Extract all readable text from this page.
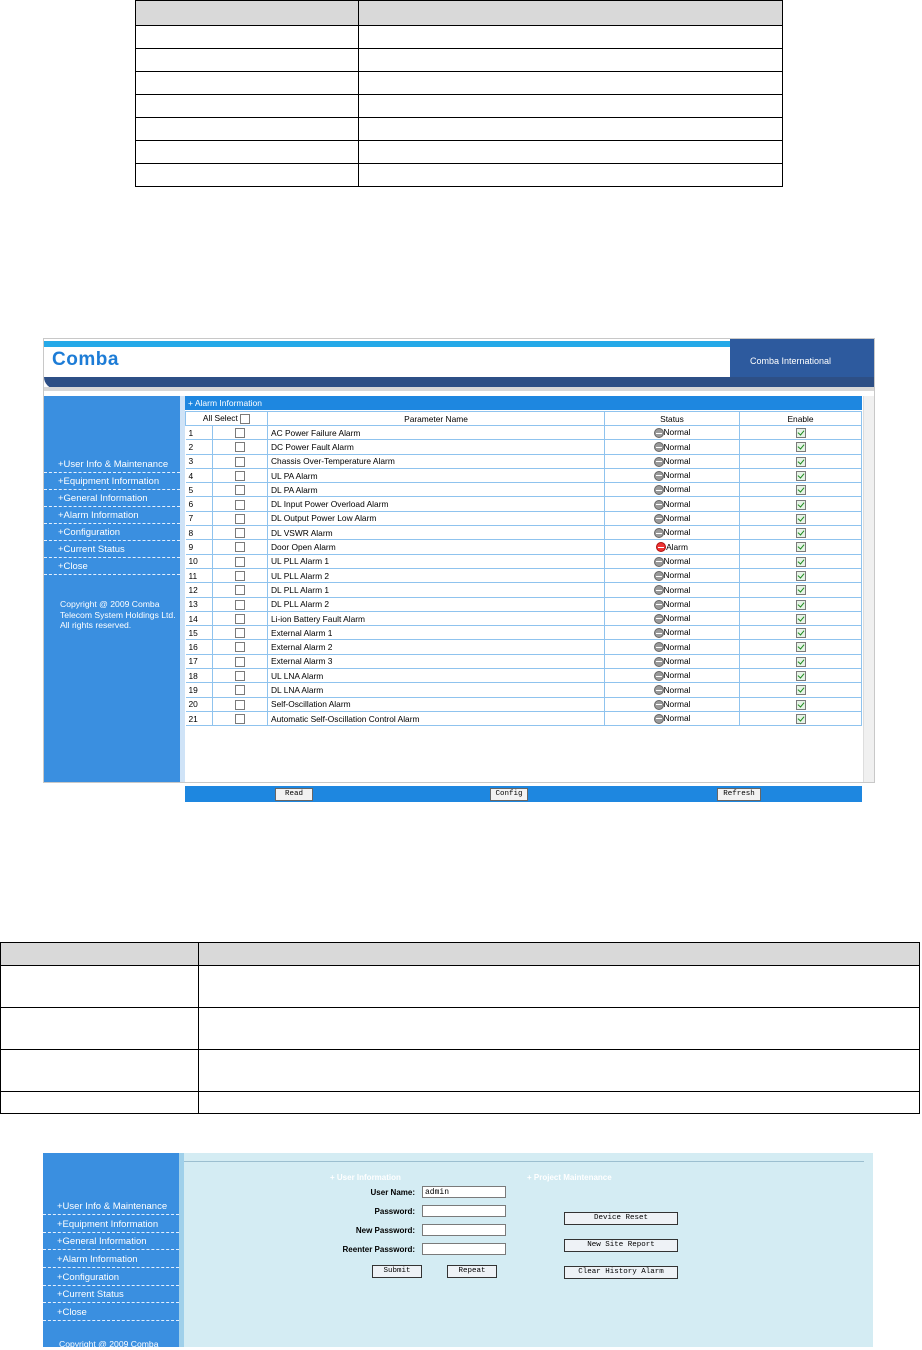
Comba	Comba International
+User Info & Maintenance
+Equipment Information
+General Information
+Alarm Information
+Configuration
+Current Status
+Close
Copyright @ 2009 Comba Telecom System Holdings Ltd. All rights reserved.
+ Alarm Information
All Select		Parameter Name	Status	Enable
1		AC Power Failure Alarm	Normal	
2		DC Power Fault Alarm	Normal	
3		Chassis Over-Temperature Alarm	Normal	
4		UL PA Alarm	Normal	
5		DL PA Alarm	Normal	
6		DL Input Power Overload Alarm	Normal	
7		DL Output Power Low Alarm	Normal	
8		DL VSWR Alarm	Normal	
9		Door Open Alarm	Alarm	
10		UL PLL Alarm 1	Normal	
11		UL PLL Alarm 2	Normal	
12		DL PLL Alarm 1	Normal	
13		DL PLL Alarm 2	Normal	
14		Li-ion Battery Fault Alarm	Normal	
15		External Alarm 1	Normal	
16		External Alarm 2	Normal	
17		External Alarm 3	Normal	
18		UL LNA Alarm	Normal	
19		DL LNA Alarm	Normal	
20		Self-Oscillation Alarm	Normal	
21		Automatic Self-Oscillation Control Alarm	Normal	
Read	Config	Refresh

+User Info & Maintenance
+Equipment Information
+General Information
+Alarm Information
+Configuration
+Current Status
+Close
Copyright @ 2009 Comba
+ User Information	+ Project Maintenance
User Name:	admin
Password:
New Password:
Reenter Password:
Submit	Repeat
Device Reset
New Site Report
Clear History Alarm
